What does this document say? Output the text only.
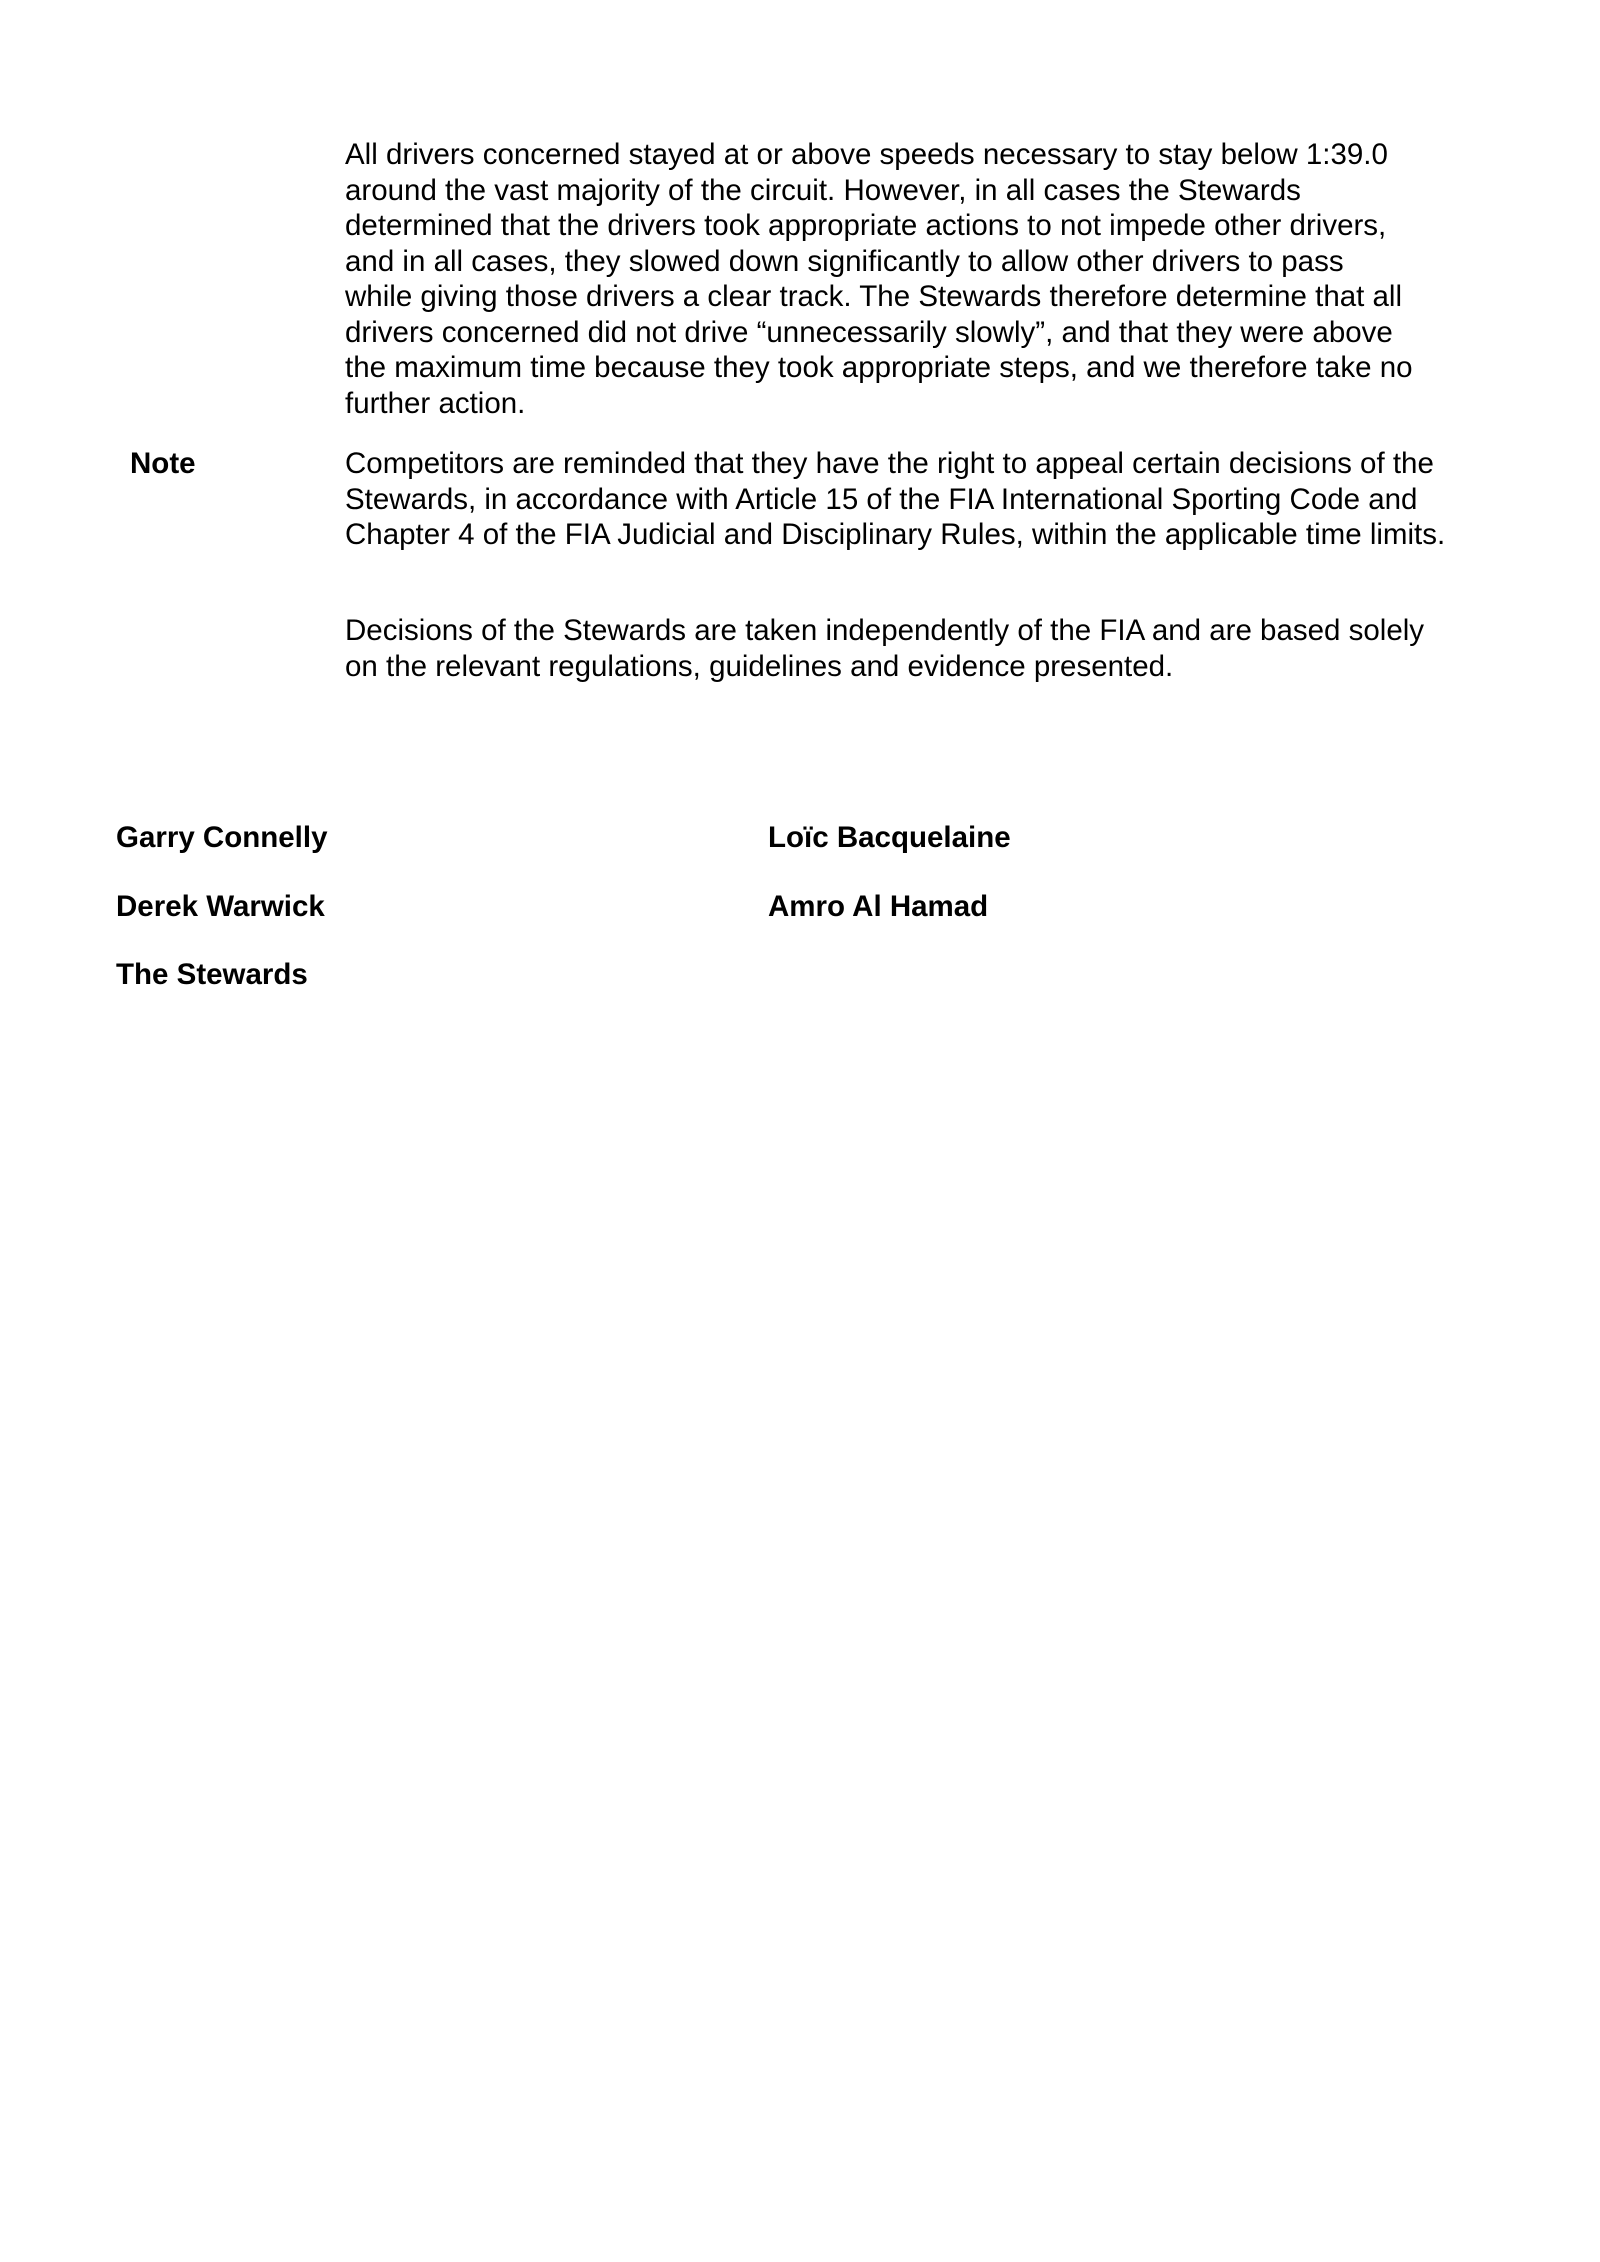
All drivers concerned stayed at or above speeds necessary to stay below 1:39.0
around the vast majority of the circuit. However, in all cases the Stewards
determined that the drivers took appropriate actions to not impede other drivers,
and in all cases, they slowed down significantly to allow other drivers to pass
while giving those drivers a clear track. The Stewards therefore determine that all
drivers concerned did not drive “unnecessarily slowly”, and that they were above
the maximum time because they took appropriate steps, and we therefore take no
further action.

Note	Competitors are reminded that they have the right to appeal certain decisions of the
Stewards, in accordance with Article 15 of the FIA International Sporting Code and
Chapter 4 of the FIA Judicial and Disciplinary Rules, within the applicable time limits.

Decisions of the Stewards are taken independently of the FIA and are based solely
on the relevant regulations, guidelines and evidence presented.

Garry Connelly	Loïc Bacquelaine

Derek Warwick	Amro Al Hamad

The Stewards
